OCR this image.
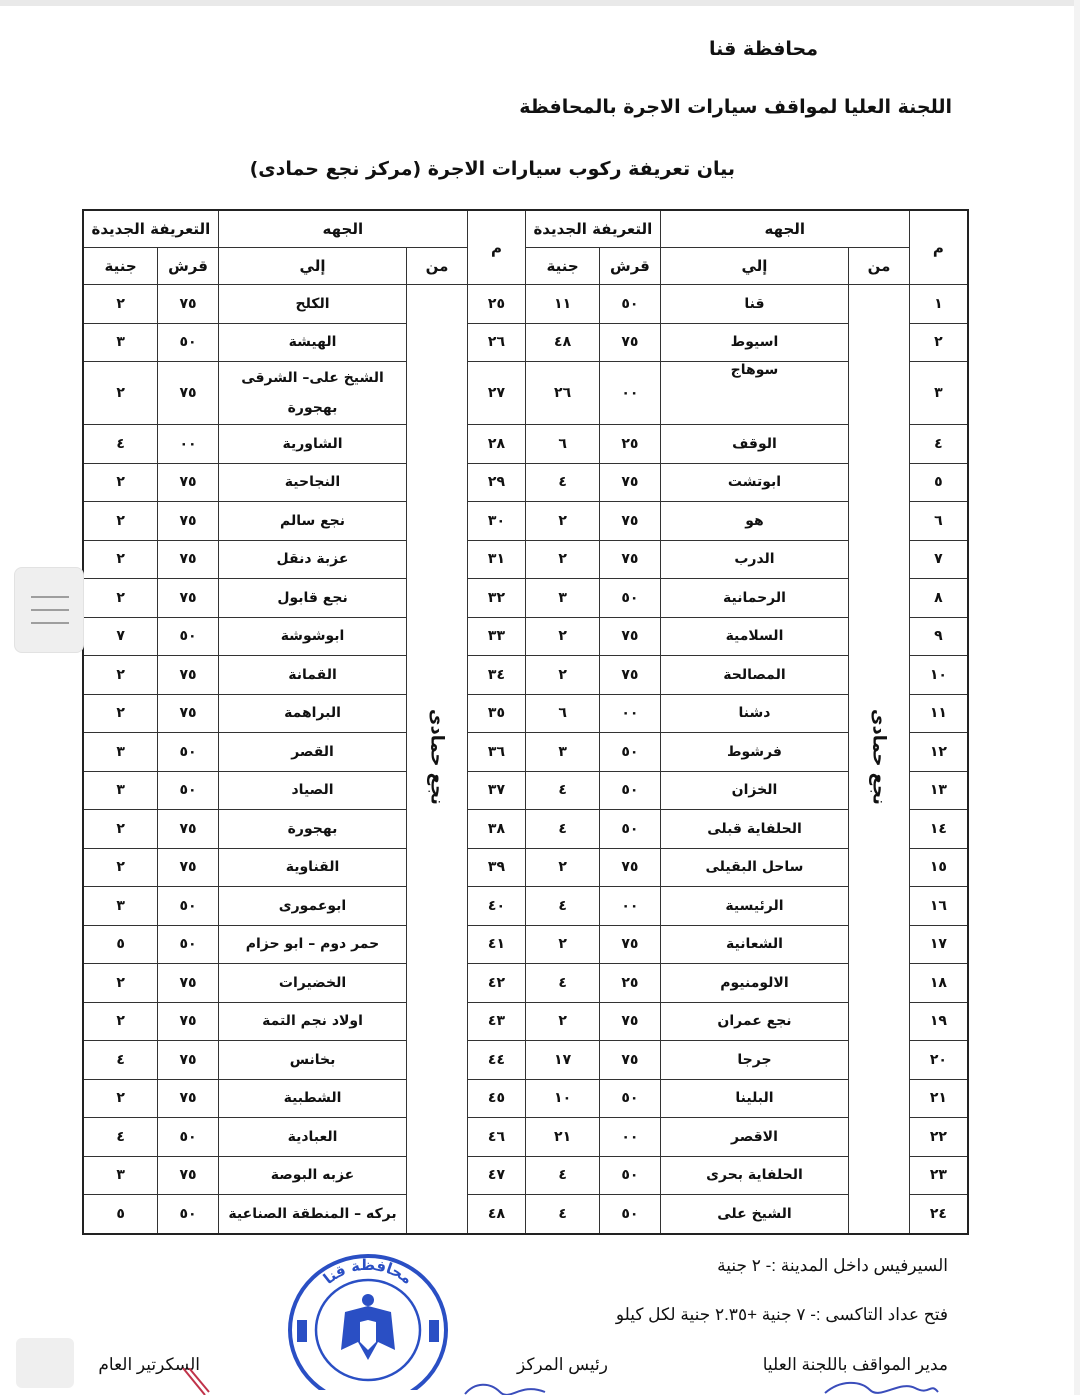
محافظة قنا
اللجنة العليا لمواقف سيارات الاجرة بالمحافظة
بيان تعريفة ركوب سيارات الاجرة (مركز نجع حمادى)
م	الجهه		التعريفة الجديدة		م	الجهه		التعريفة الجديدة	
	من	إلي	قرش	جنية		من	إلي	قرش	جنية
١	نجع حمادى	قنا	٥٠	١١	٢٥	نجع حمادى	الكلح	٧٥	٢
٢		اسيوط	٧٥	٤٨	٢٦		الهيشة	٥٠	٣
٣		سوهاج	٠٠	٢٦	٢٧		الشيخ على– الشرقى بهجورة	٧٥	٢
٤		الوقف	٢٥	٦	٢٨		الشاورية	٠٠	٤
٥		ابوتشت	٧٥	٤	٢٩		النجاحية	٧٥	٢
٦		هو	٧٥	٢	٣٠		نجع سالم	٧٥	٢
٧		الدرب	٧٥	٢	٣١		عزبة دنقل	٧٥	٢
٨		الرحمانية	٥٠	٣	٣٢		نجع قابول	٧٥	٢
٩		السلامية	٧٥	٢	٣٣		ابوشوشة	٥٠	٧
١٠		المصالحة	٧٥	٢	٣٤		القمانة	٧٥	٢
١١		دشنا	٠٠	٦	٣٥		البراهمة	٧٥	٢
١٢		فرشوط	٥٠	٣	٣٦		القصر	٥٠	٣
١٣		الخزان	٥٠	٤	٣٧		الصياد	٥٠	٣
١٤		الحلفاية قبلى	٥٠	٤	٣٨		بهجورة	٧٥	٢
١٥		ساحل البقيلى	٧٥	٢	٣٩		القناوية	٧٥	٢
١٦		الرئيسية	٠٠	٤	٤٠		ابوعمورى	٥٠	٣
١٧		الشعانية	٧٥	٢	٤١		حمر دوم – ابو حزام	٥٠	٥
١٨		الالومنيوم	٢٥	٤	٤٢		الخضيرات	٧٥	٢
١٩		نجع عمران	٧٥	٢	٤٣		اولاد نجم التمة	٧٥	٢
٢٠		جرجا	٧٥	١٧	٤٤		بخانس	٧٥	٤
٢١		البلينا	٥٠	١٠	٤٥		الشطبية	٧٥	٢
٢٢		الاقصر	٠٠	٢١	٤٦		العبادية	٥٠	٤
٢٣		الحلفاية بحرى	٥٠	٤	٤٧		عزبه البوصة	٧٥	٣
٢٤		الشيخ على	٥٠	٤	٤٨		بركه – المنطقة الصناعية	٥٠	٥
السيرفيس داخل المدينة :- ٢ جنية
فتح عداد التاكسى :- ٧ جنية +٢.٣٥ جنية لكل كيلو
مدير المواقف باللجنة العليا
رئيس المركز
السكرتير العام
محافظة قنا
